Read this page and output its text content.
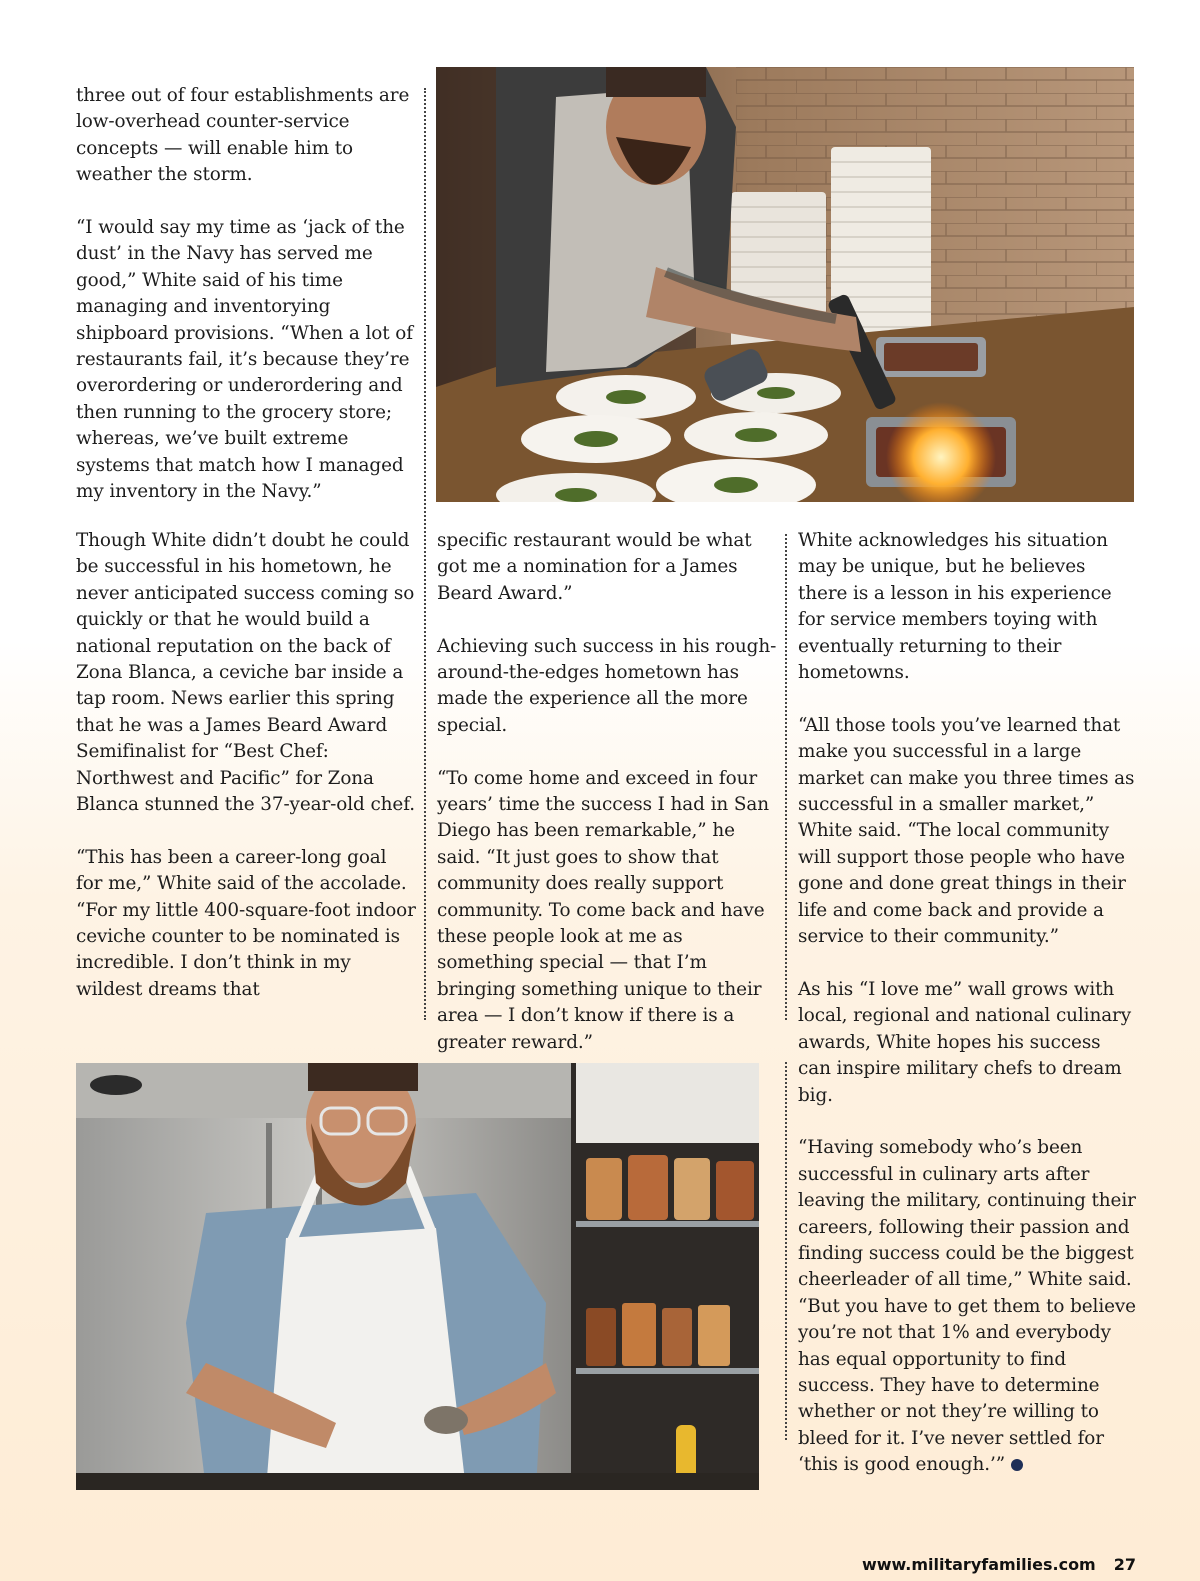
three out of four establishments are low-overhead counter-service concepts — will enable him to weather the storm.

“I would say my time as ‘jack of the dust’ in the Navy has served me good,” White said of his time managing and inventorying shipboard provisions. “When a lot of restaurants fail, it’s because they’re overordering or underordering and then running to the grocery store; whereas, we’ve built extreme systems that match how I managed my inventory in the Navy.”

Though White didn’t doubt he could be successful in his hometown, he never anticipated success coming so quickly or that he would build a national reputation on the back of Zona Blanca, a ceviche bar inside a tap room. News earlier this spring that he was a James Beard Award Semifinalist for “Best Chef: Northwest and Pacific” for Zona Blanca stunned the 37-year-old chef.

“This has been a career-long goal for me,” White said of the accolade. “For my little 400-square-foot indoor ceviche counter to be nominated is incredible. I don’t think in my wildest dreams that

specific restaurant would be what got me a nomination for a James Beard Award.”

Achieving such success in his rough-around-the-edges hometown has made the experience all the more special.

“To come home and exceed in four years’ time the success I had in San Diego has been remarkable,” he said. “It just goes to show that community does really support community. To come back and have these people look at me as something special — that I’m bringing something unique to their area — I don’t know if there is a greater reward.”

White acknowledges his situation may be unique, but he believes there is a lesson in his experience for service members toying with eventually returning to their hometowns.

“All those tools you’ve learned that make you successful in a large market can make you three times as successful in a smaller market,” White said. “The local community will support those people who have gone and done great things in their life and come back and provide a service to their community.”

As his “I love me” wall grows with local, regional and national culinary awards, White hopes his success can inspire military chefs to dream big.

“Having somebody who’s been successful in culinary arts after leaving the military, continuing their careers, following their passion and finding success could be the biggest cheerleader of all time,” White said. “But you have to get them to believe you’re not that 1% and everybody has equal opportunity to find success. They have to determine whether or not they’re willing to bleed for it. I’ve never settled for ‘this is good enough.’”

www.militaryfamilies.com 27
